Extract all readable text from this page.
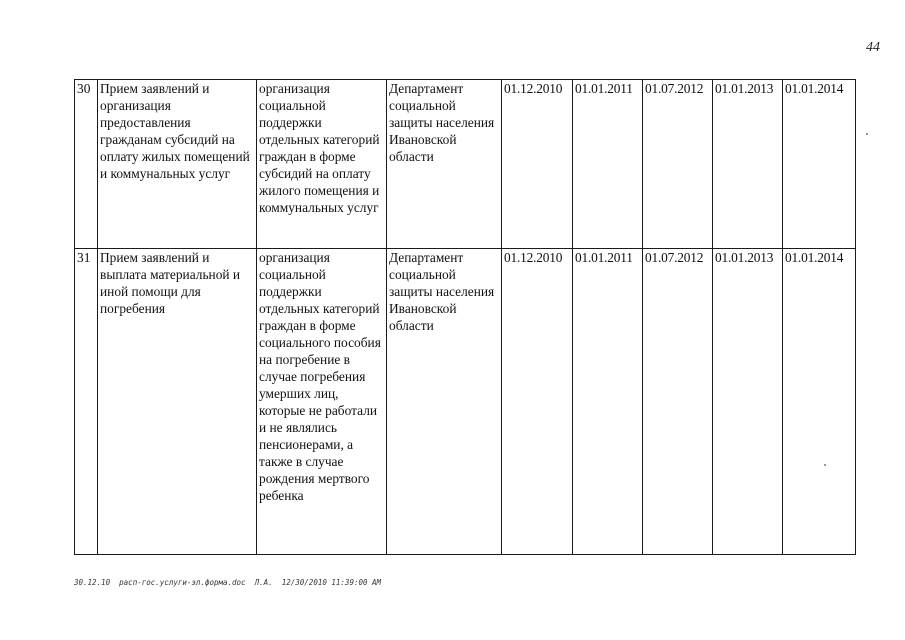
44
30	Прием заявлений и организация предоставления гражданам субсидий на оплату жилых помещений и коммунальных услуг	организация социальной поддержки отдельных категорий граждан в форме субсидий на оплату жилого помещения и коммунальных услуг	Департамент социальной защиты населения Ивановской области	01.12.2010	01.01.2011	01.07.2012	01.01.2013	01.01.2014
31	Прием заявлений и выплата материальной и иной помощи для погребения	организация социальной поддержки отдельных категорий граждан в форме социального пособия на погребение в случае погребения умерших лиц, которые не работали и не являлись пенсионерами, а также в случае рождения мертвого ребенка	Департамент социальной защиты населения Ивановской области	01.12.2010	01.01.2011	01.07.2012	01.01.2013	01.01.2014
30.12.10  расп-гос.услуги-эл.форма.doc  Л.А.  12/30/2010 11:39:00 AM
